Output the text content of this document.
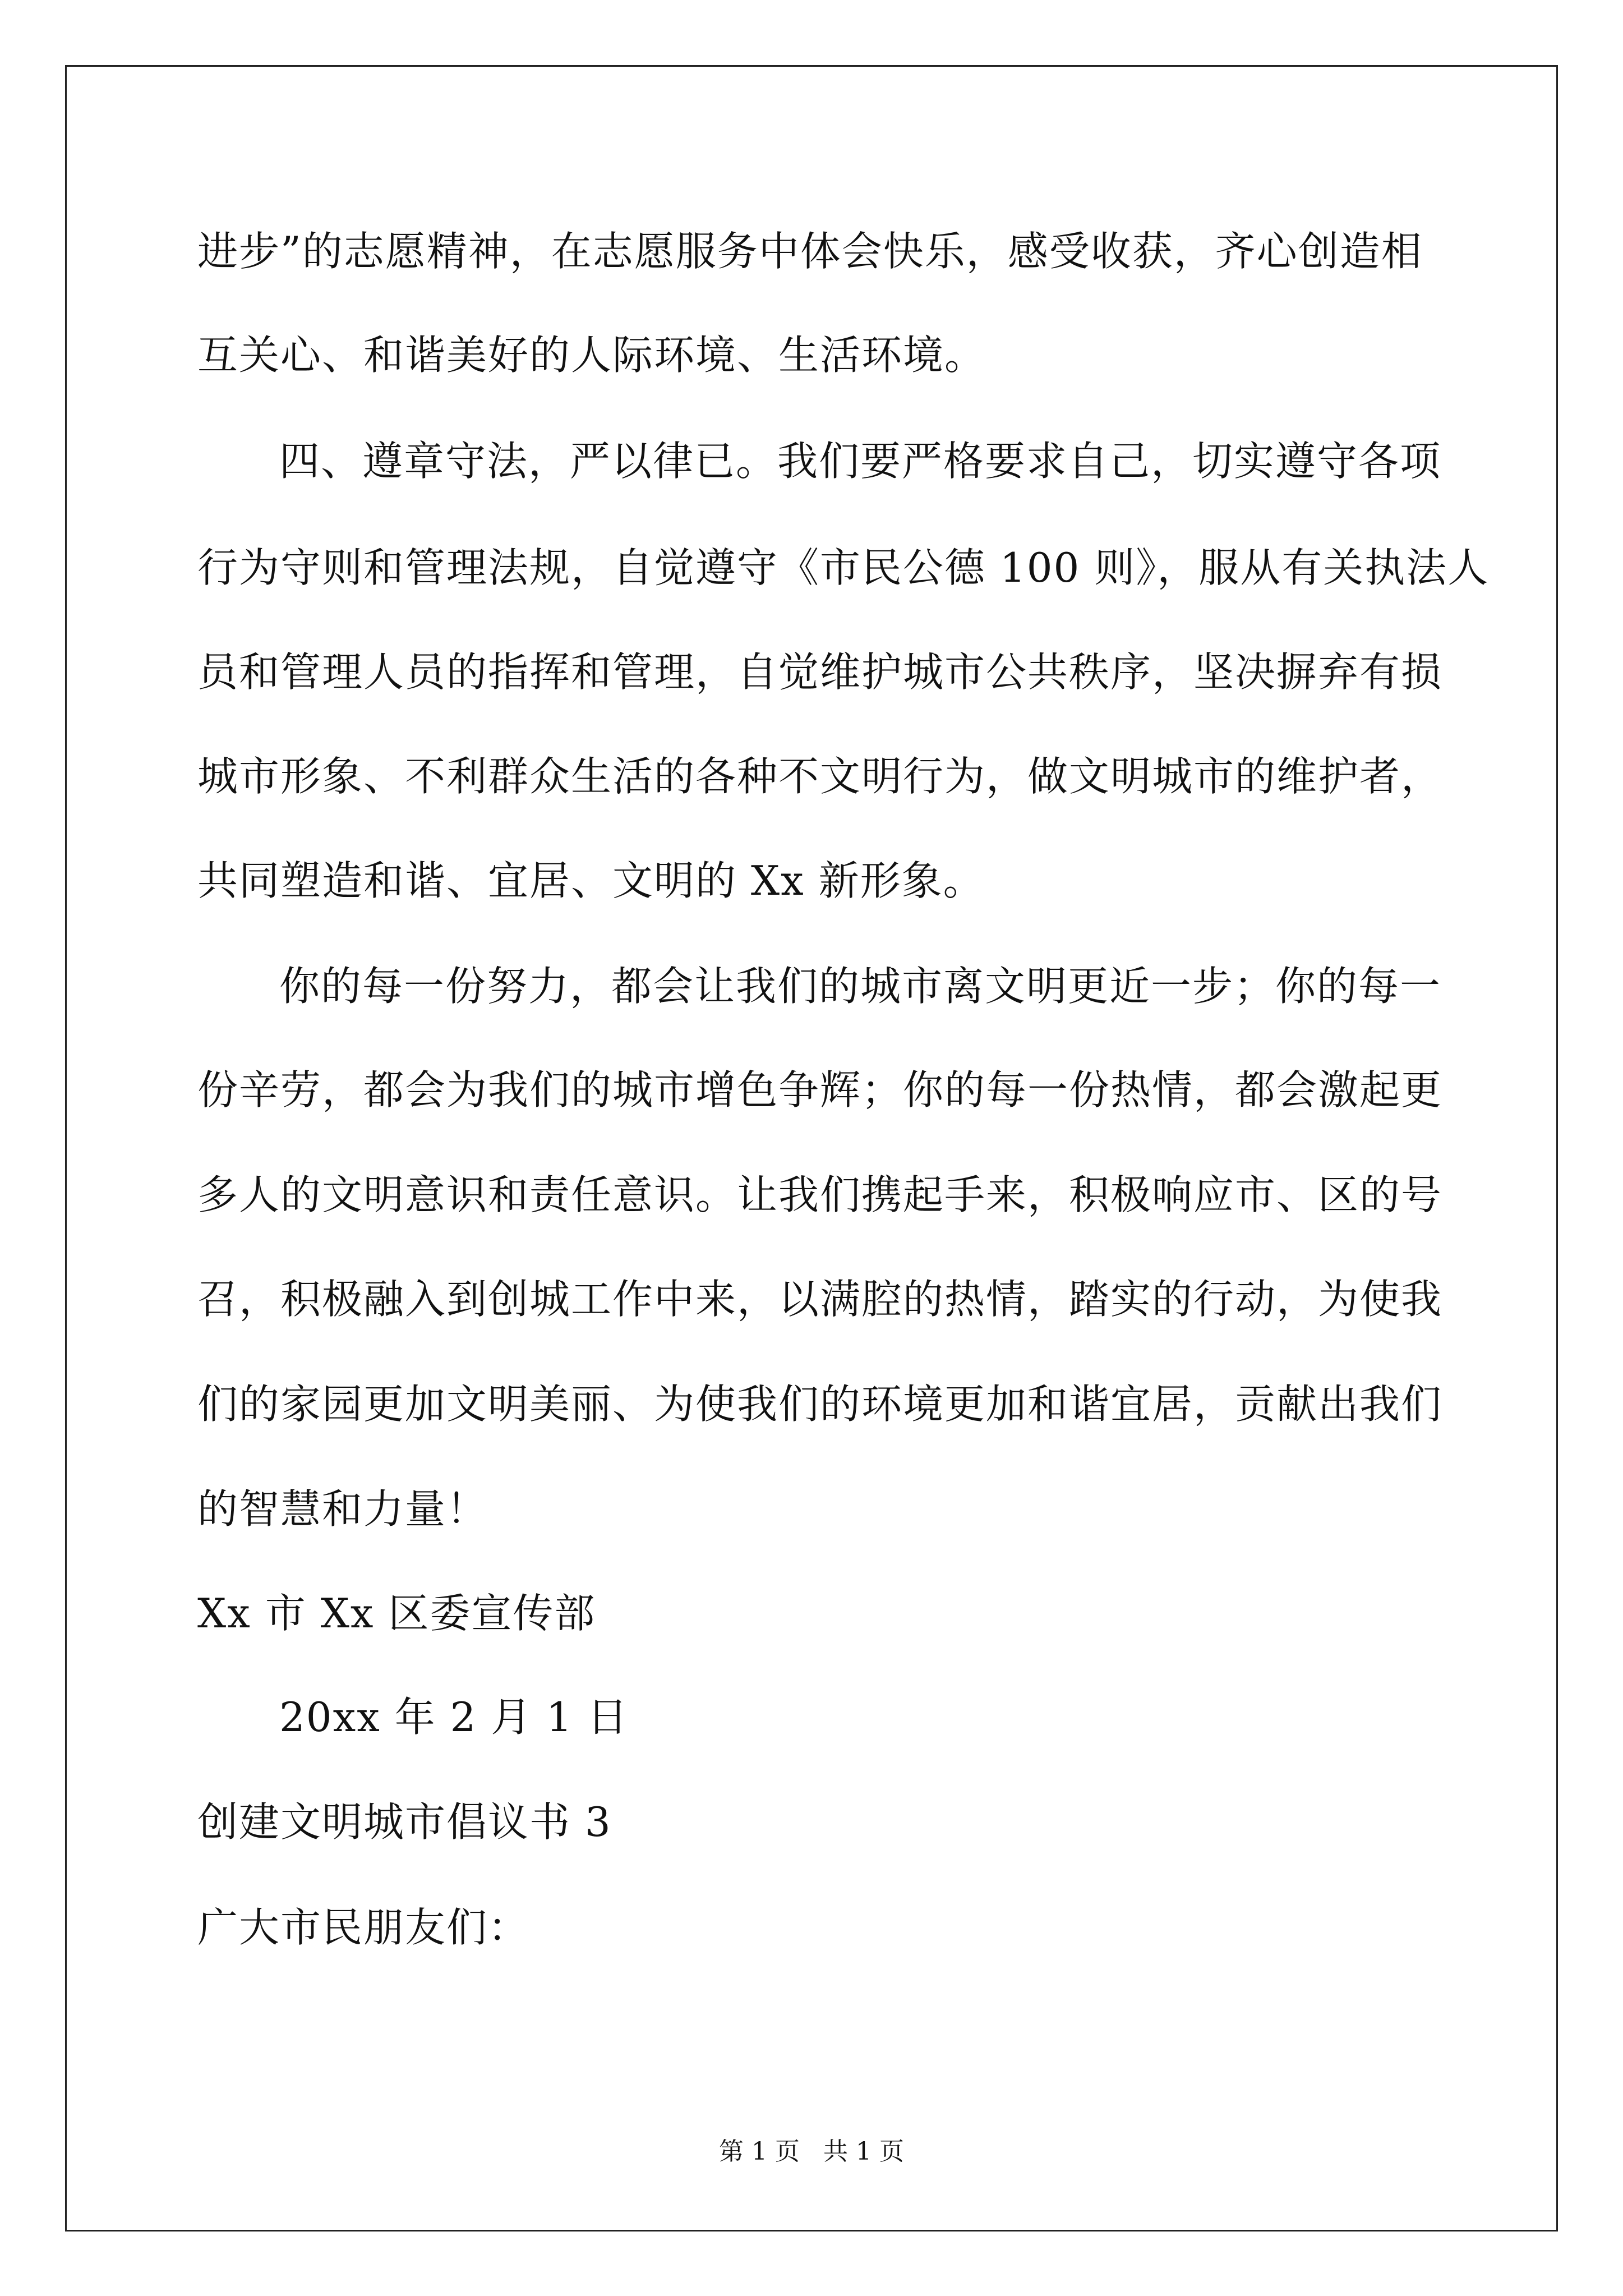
进步”的志愿精神，在志愿服务中体会快乐，感受收获，齐心创造相

互关心、和谐美好的人际环境、生活环境。

四、遵章守法，严以律已。我们要严格要求自己，切实遵守各项

行为守则和管理法规，自觉遵守《市民公德 100 则》，服从有关执法人

员和管理人员的指挥和管理，自觉维护城市公共秩序，坚决摒弃有损

城市形象、不利群众生活的各种不文明行为，做文明城市的维护者，

共同塑造和谐、宜居、文明的 Xx 新形象。

你的每一份努力，都会让我们的城市离文明更近一步；你的每一

份辛劳，都会为我们的城市增色争辉；你的每一份热情，都会激起更

多人的文明意识和责任意识。让我们携起手来，积极响应市、区的号

召，积极融入到创城工作中来，以满腔的热情，踏实的行动，为使我

们的家园更加文明美丽、为使我们的环境更加和谐宜居，贡献出我们

的智慧和力量！

Xx 市 Xx 区委宣传部

20xx 年 2 月 1 日

创建文明城市倡议书 3

广大市民朋友们：

第 1 页   共 1 页
